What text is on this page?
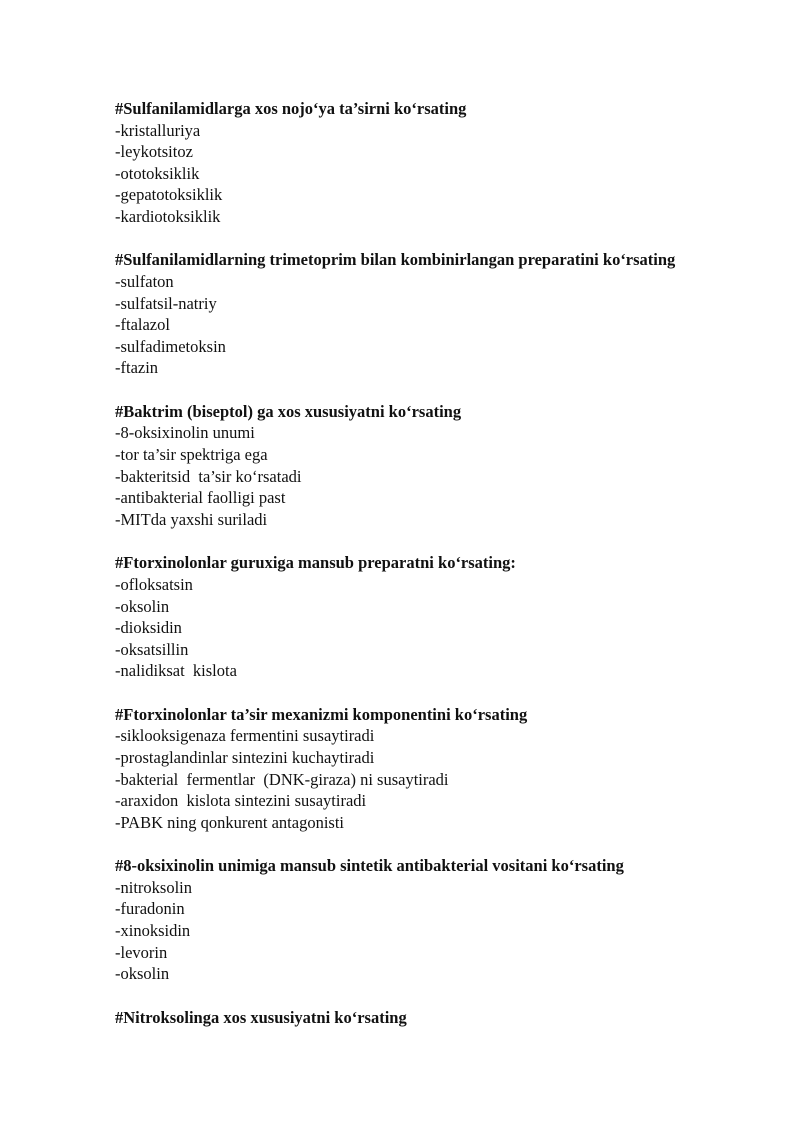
#Sulfanilamidlarga xos nojo‘ya ta’sirni ko‘rsating

-kristalluriya
-leykotsitoz
-ototoksiklik
-gepatotoksiklik
-kardiotoksiklik

#Sulfanilamidlarning trimetoprim bilan kombinirlangan preparatini ko‘rsating

-sulfaton
-sulfatsil-natriy
-ftalazol
-sulfadimetoksin
-ftazin

#Baktrim (biseptol) ga xos xususiyatni ko‘rsating

-8-oksixinolin unumi
-tor ta’sir spektriga ega
-bakteritsid  ta’sir ko‘rsatadi
-antibakterial faolligi past
-MITda yaxshi suriladi

#Ftorxinolonlar guruxiga mansub preparatni ko‘rsating:

-ofloksatsin
-oksolin
-dioksidin
-oksatsillin
-nalidiksat  kislota

#Ftorxinolonlar ta’sir mexanizmi komponentini ko‘rsating

-siklooksigenaza fermentini susaytiradi
-prostaglandinlar sintezini kuchaytiradi
-bakterial  fermentlar  (DNK-giraza) ni susaytiradi
-araxidon  kislota sintezini susaytiradi
-PABK ning qonkurent antagonisti

#8-oksixinolin unimiga mansub sintetik antibakterial vositani ko‘rsating

-nitroksolin
-furadonin
-xinoksidin
-levorin
-oksolin

#Nitroksolinga xos xususiyatni ko‘rsating
